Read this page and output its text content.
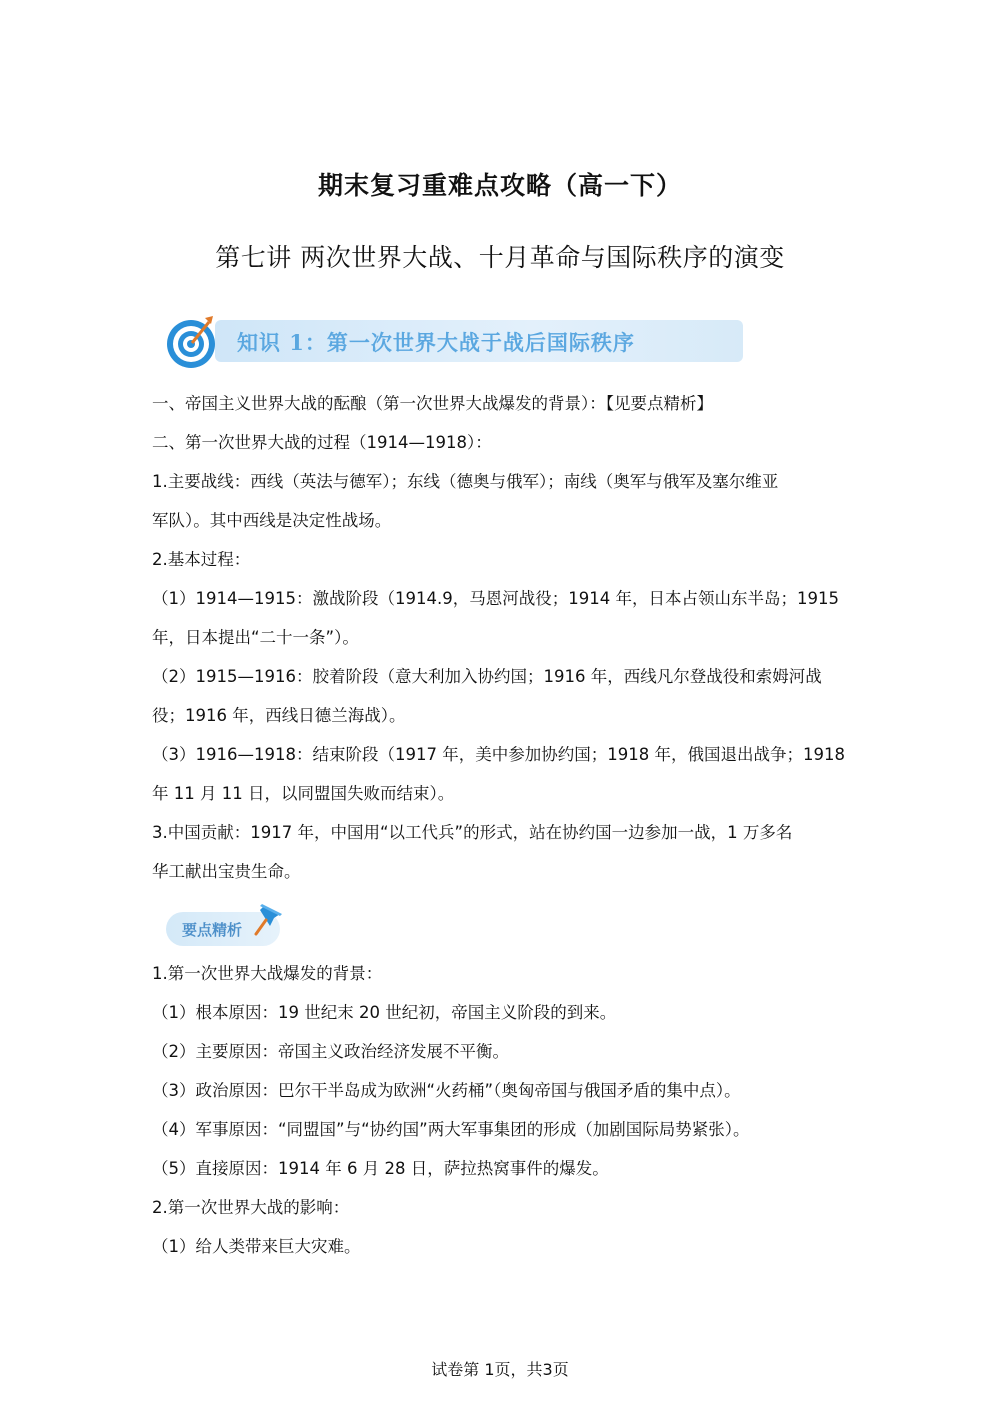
期末复习重难点攻略（高一下）
第七讲 两次世界大战、十月革命与国际秩序的演变
知识 1：第一次世界大战于战后国际秩序
一、帝国主义世界大战的酝酿（第一次世界大战爆发的背景）：【见要点精析】
二、第一次世界大战的过程（1914—1918）：
1.主要战线：西线（英法与德军）；东线（德奥与俄军）；南线（奥军与俄军及塞尔维亚
军队）。其中西线是决定性战场。
2.基本过程：
（1）1914—1915：激战阶段（1914.9，马恩河战役；1914 年，日本占领山东半岛；1915
年，日本提出“二十一条”）。
（2）1915—1916：胶着阶段（意大利加入协约国；1916 年，西线凡尔登战役和索姆河战
役；1916 年，西线日德兰海战）。
（3）1916—1918：结束阶段（1917 年，美中参加协约国；1918 年，俄国退出战争；1918
年 11 月 11 日，以同盟国失败而结束）。
3.中国贡献：1917 年，中国用“以工代兵”的形式，站在协约国一边参加一战，1 万多名
华工献出宝贵生命。
要点精析
1.第一次世界大战爆发的背景：
（1）根本原因：19 世纪末 20 世纪初，帝国主义阶段的到来。
（2）主要原因：帝国主义政治经济发展不平衡。
（3）政治原因：巴尔干半岛成为欧洲“火药桶”（奥匈帝国与俄国矛盾的集中点）。
（4）军事原因：“同盟国”与“协约国”两大军事集团的形成（加剧国际局势紧张）。
（5）直接原因：1914 年 6 月 28 日，萨拉热窝事件的爆发。
2.第一次世界大战的影响：
（1）给人类带来巨大灾难。
试卷第 1页，共3页
